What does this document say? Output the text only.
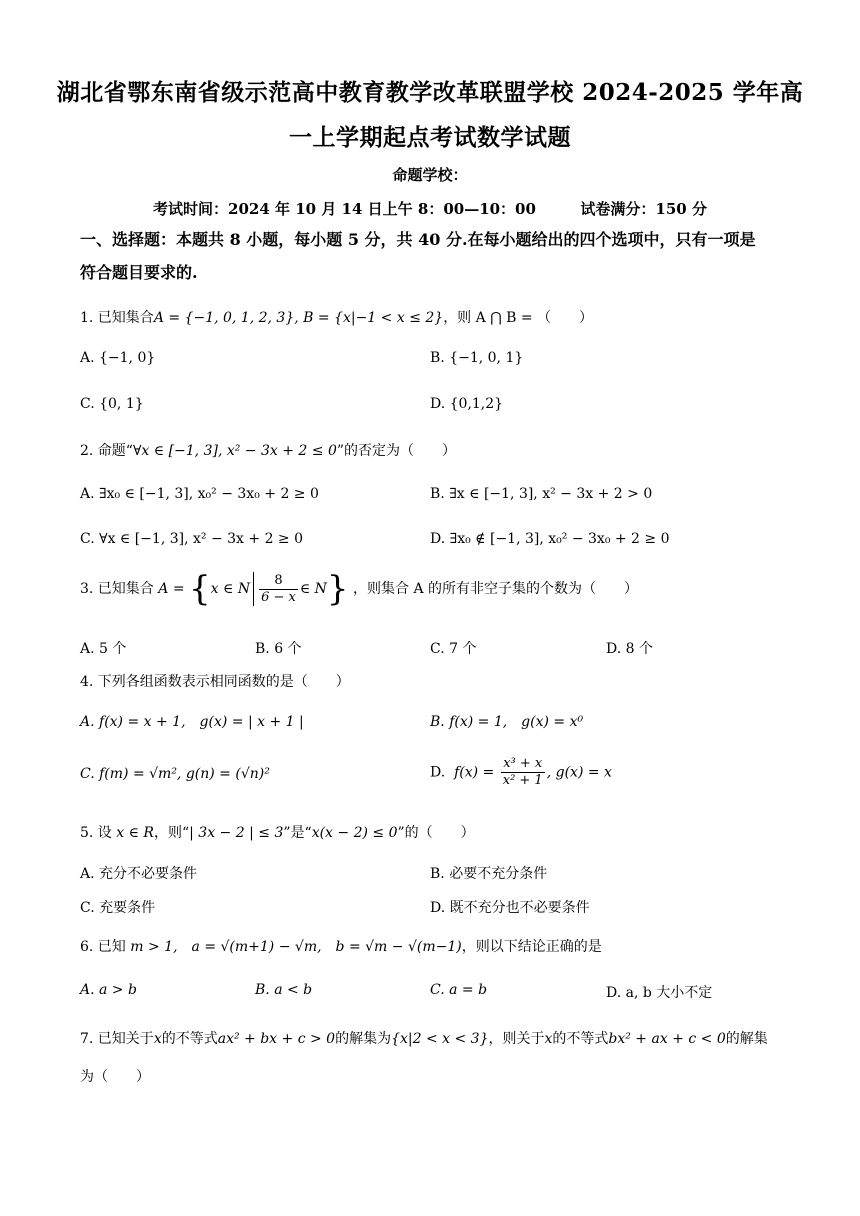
湖北省鄂东南省级示范高中教育教学改革联盟学校 2024-2025 学年高
一上学期起点考试数学试题
命题学校：
考试时间：2024 年 10 月 14 日上午 8：00—10：00	试卷满分：150 分
一、选择题：本题共 8 小题，每小题 5 分，共 40 分.在每小题给出的四个选项中，只有一项是
符合题目要求的.
1. 已知集合A = {−1, 0, 1, 2, 3}, B = {x|−1 < x ≤ 2}，则 A ⋂ B = （　　）
A. {−1, 0}	B. {−1, 0, 1}
C. {0, 1}	D. {0,1,2}
2. 命题“∀x ∈ [−1, 3], x² − 3x + 2 ≤ 0”的否定为（　　）
A. ∃x₀ ∈ [−1, 3], x₀² − 3x₀ + 2 ≥ 0	B. ∃x ∈ [−1, 3], x² − 3x + 2 > 0
C. ∀x ∈ [−1, 3], x² − 3x + 2 ≥ 0	D. ∃x₀ ∉ [−1, 3], x₀² − 3x₀ + 2 ≥ 0
3. 已知集合 A = {x ∈ N $\frac{8}{6 - x}$ ∈ N} ，则集合 A 的所有非空子集的个数为（　　）
A. 5 个	B. 6 个	C. 7 个	D. 8 个
4. 下列各组函数表示相同函数的是（　　）
A. f(x) = x + 1,　g(x) = | x + 1 |	B. f(x) = 1,　g(x) = x⁰
C. f(m) = √m², g(n) = (√n)²	D. $f(x) = \frac{\text{x³ + x}}{\text{x² + 1}}$ , g(x) = x
5. 设 x ∈ R，则“| 3x − 2 | ≤ 3”是“x(x − 2) ≤ 0”的（　　）
A. 充分不必要条件	B. 必要不充分条件
C. 充要条件	D. 既不充分也不必要条件
6. 已知 m > 1,　a = √(m+1) − √m,　b = √m − √(m−1)，则以下结论正确的是
A. a > b	B. a < b	C. a = b	D. a, b 大小不定
7. 已知关于x的不等式ax² + bx + c > 0的解集为{x|2 < x < 3}，则关于x的不等式bx² + ax + c < 0的解集
为（　　）
